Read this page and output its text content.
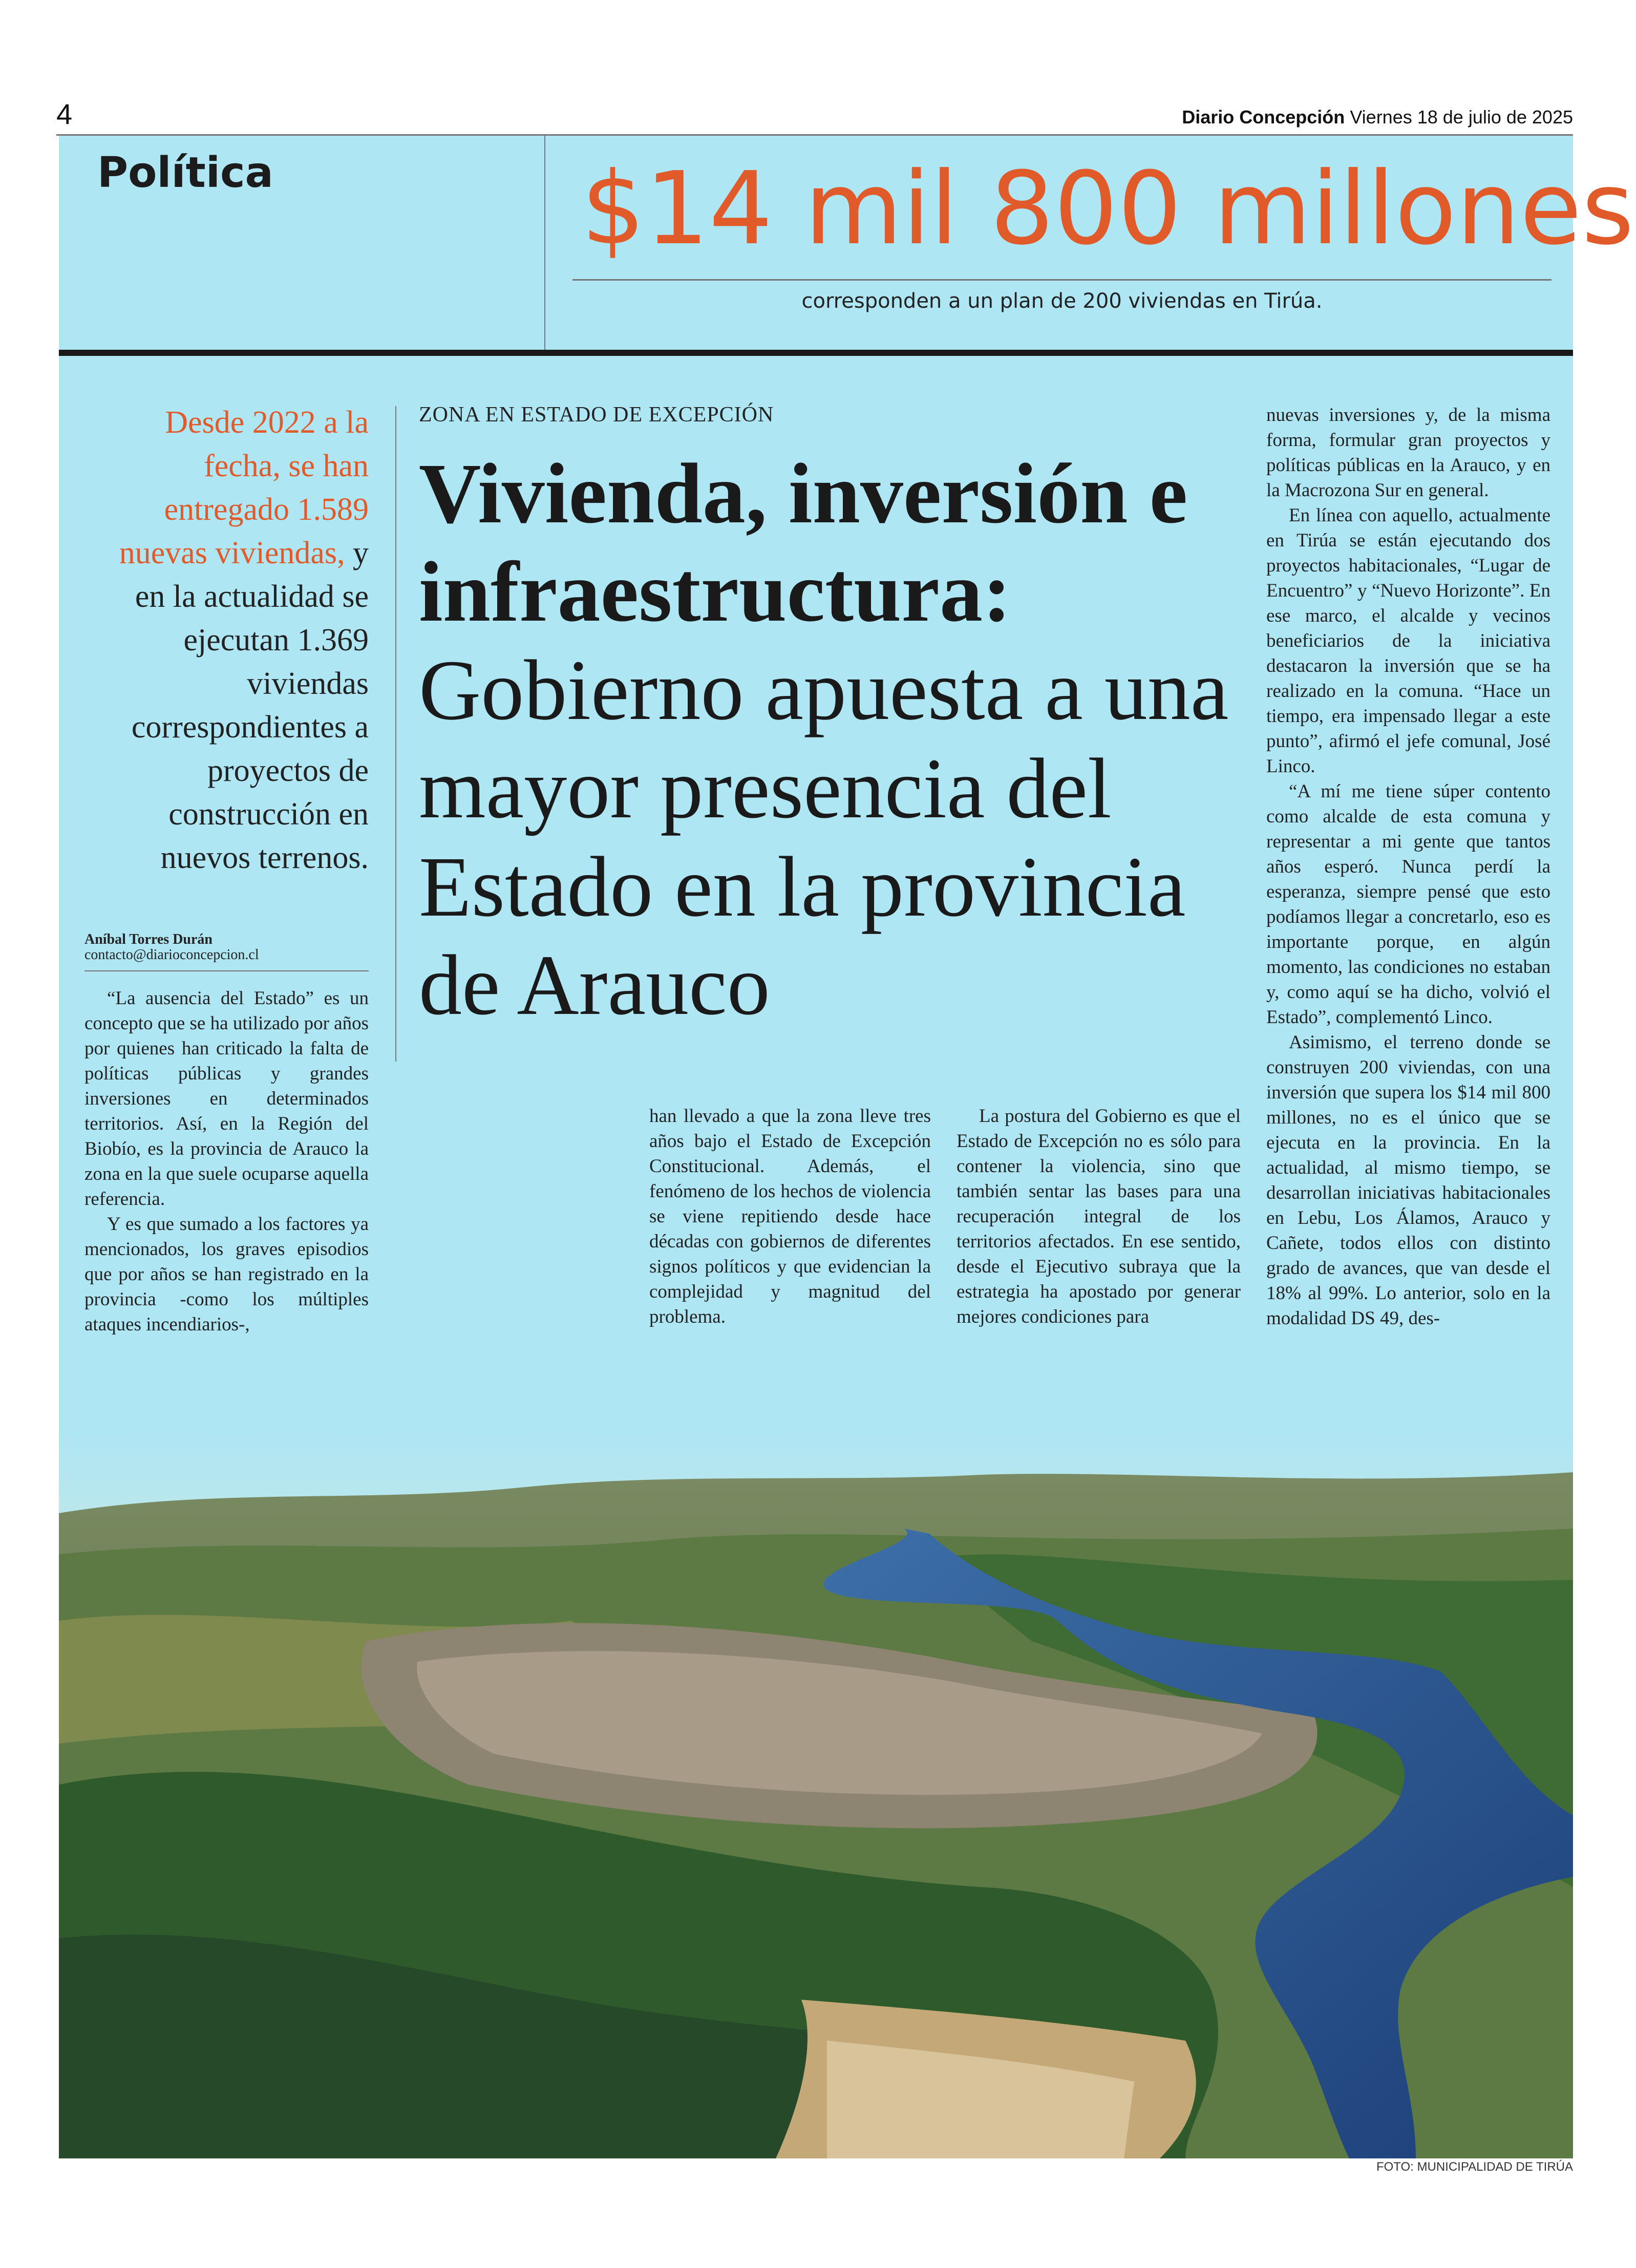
4	Diario Concepción Viernes 18 de julio de 2025
Política	$14 mil 800 millones
corresponden a un plan de 200 viviendas en Tirúa.
Desde 2022 a la fecha, se han entregado 1.589 nuevas viviendas, y en la actualidad se ejecutan 1.369 viviendas correspondientes a proyectos de construcción en nuevos terrenos.
Aníbal Torres Durán
contacto@diarioconcepcion.cl

“La ausencia del Estado” es un concepto que se ha utilizado por años por quienes han criticado la falta de políticas públicas y grandes inversiones en determinados territorios. Así, en la Región del Biobío, es la provincia de Arauco la zona en la que suele ocuparse aquella referencia.

Y es que sumado a los factores ya mencionados, los graves episodios que por años se han registrado en la provincia -como los múltiples ataques incendiarios-,

ZONA EN ESTADO DE EXCEPCIÓN
Vivienda, inversión e infraestructura:
Gobierno apuesta a una mayor presencia del Estado en la provincia de Arauco

han llevado a que la zona lleve tres años bajo el Estado de Excepción Constitucional. Además, el fenómeno de los hechos de violencia se viene repitiendo desde hace décadas con gobiernos de diferentes signos políticos y que evidencian la complejidad y magnitud del problema.

La postura del Gobierno es que el Estado de Excepción no es sólo para contener la violencia, sino que también sentar las bases para una recuperación integral de los territorios afectados. En ese sentido, desde el Ejecutivo subraya que la estrategia ha apostado por generar mejores condiciones para

nuevas inversiones y, de la misma forma, formular gran proyectos y políticas públicas en la Arauco, y en la Macrozona Sur en general.

En línea con aquello, actualmente en Tirúa se están ejecutando dos proyectos habitacionales, “Lugar de Encuentro” y “Nuevo Horizonte”. En ese marco, el alcalde y vecinos beneficiarios de la iniciativa destacaron la inversión que se ha realizado en la comuna. “Hace un tiempo, era impensado llegar a este punto”, afirmó el jefe comunal, José Linco.

“A mí me tiene súper contento como alcalde de esta comuna y representar a mi gente que tantos años esperó. Nunca perdí la esperanza, siempre pensé que esto podíamos llegar a concretarlo, eso es importante porque, en algún momento, las condiciones no estaban y, como aquí se ha dicho, volvió el Estado”, complementó Linco.

Asimismo, el terreno donde se construyen 200 viviendas, con una inversión que supera los $14 mil 800 millones, no es el único que se ejecuta en la provincia. En la actualidad, al mismo tiempo, se desarrollan iniciativas habitacionales en Lebu, Los Álamos, Arauco y Cañete, todos ellos con distinto grado de avances, que van desde el 18% al 99%. Lo anterior, solo en la modalidad DS 49, des-

FOTO: MUNICIPALIDAD DE TIRÚA
